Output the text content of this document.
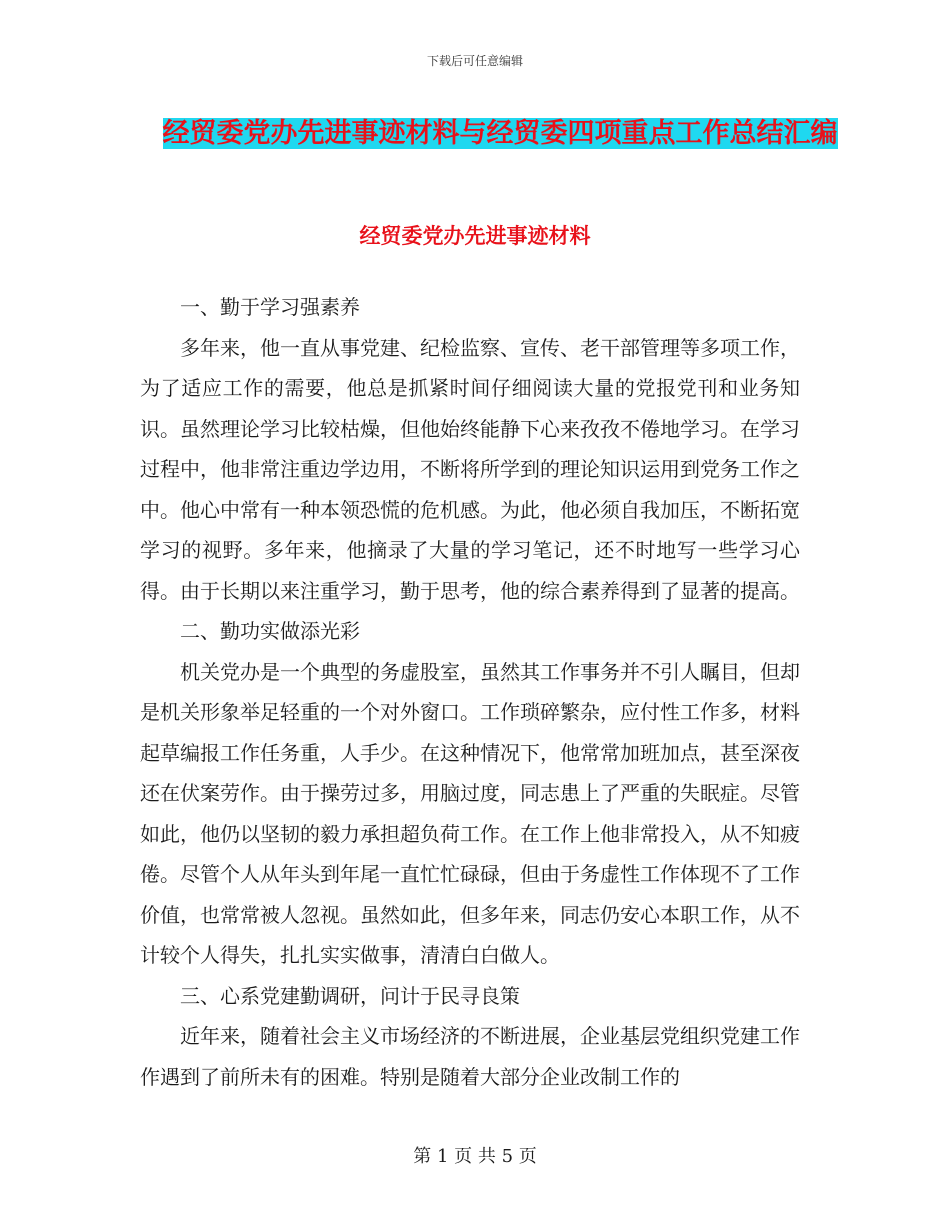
下载后可任意编辑
经贸委党办先进事迹材料与经贸委四项重点工作总结汇编
经贸委党办先进事迹材料

一、勤于学习强素养

多年来，他一直从事党建、纪检监察、宣传、老干部管理等多项工作，为了适应工作的需要，他总是抓紧时间仔细阅读大量的党报党刊和业务知识。虽然理论学习比较枯燥，但他始终能静下心来孜孜不倦地学习。在学习过程中，他非常注重边学边用，不断将所学到的理论知识运用到党务工作之中。他心中常有一种本领恐慌的危机感。为此，他必须自我加压，不断拓宽学习的视野。多年来，他摘录了大量的学习笔记，还不时地写一些学习心得。由于长期以来注重学习，勤于思考，他的综合素养得到了显著的提高。

二、勤功实做添光彩

机关党办是一个典型的务虚股室，虽然其工作事务并不引人瞩目，但却是机关形象举足轻重的一个对外窗口。工作琐碎繁杂，应付性工作多，材料起草编报工作任务重，人手少。在这种情况下，他常常加班加点，甚至深夜还在伏案劳作。由于操劳过多，用脑过度，同志患上了严重的失眠症。尽管如此，他仍以坚韧的毅力承担超负荷工作。在工作上他非常投入，从不知疲倦。尽管个人从年头到年尾一直忙忙碌碌，但由于务虚性工作体现不了工作价值，也常常被人忽视。虽然如此，但多年来，同志仍安心本职工作，从不计较个人得失，扎扎实实做事，清清白白做人。

三、心系党建勤调研，问计于民寻良策

近年来，随着社会主义市场经济的不断进展，企业基层党组织党建工作作遇到了前所未有的困难。特别是随着大部分企业改制工作的

第 1 页 共 5 页
